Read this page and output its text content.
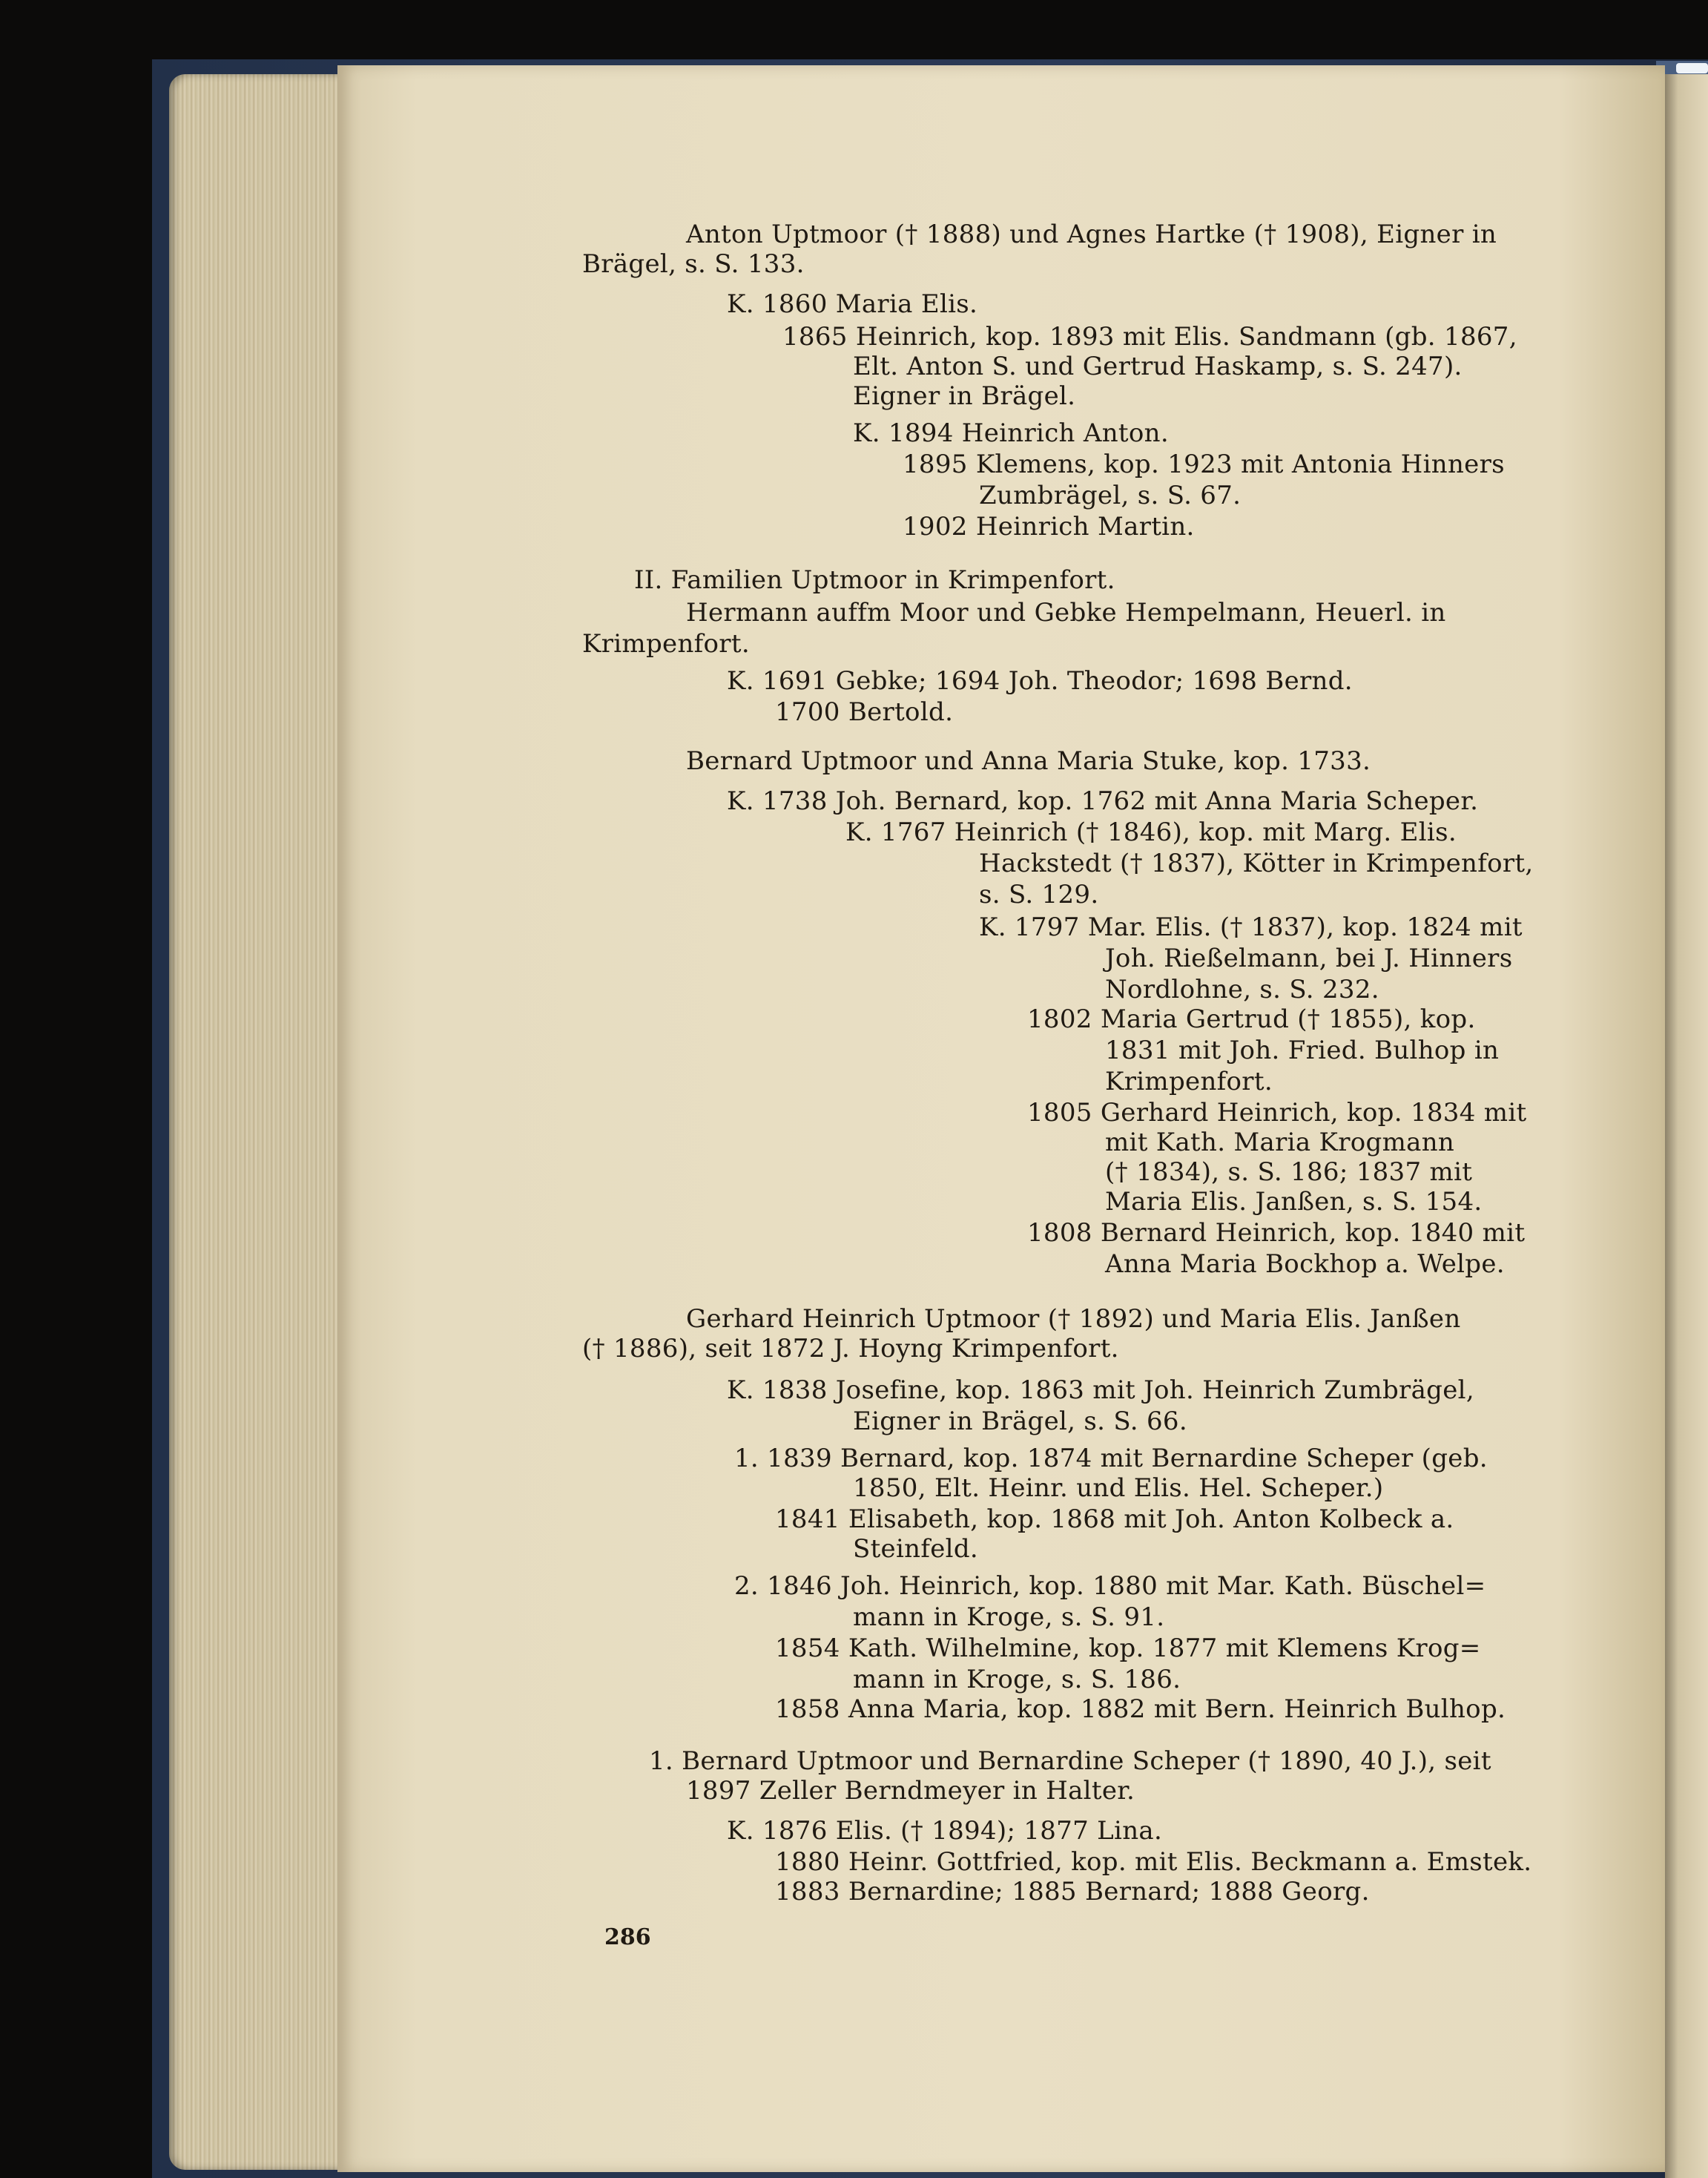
Anton Uptmoor († 1888) und Agnes Hartke († 1908), Eigner in

Brägel, s. S. 133.

K. 1860 Maria Elis.

1865 Heinrich, kop. 1893 mit Elis. Sandmann (gb. 1867,

Elt. Anton S. und Gertrud Haskamp, s. S. 247).

Eigner in Brägel.

K. 1894 Heinrich Anton.

1895 Klemens, kop. 1923 mit Antonia Hinners

Zumbrägel, s. S. 67.

1902 Heinrich Martin.

II. Familien Uptmoor in Krimpenfort.

Hermann auffm Moor und Gebke Hempelmann, Heuerl. in

Krimpenfort.

K. 1691 Gebke; 1694 Joh. Theodor; 1698 Bernd.

1700 Bertold.

Bernard Uptmoor und Anna Maria Stuke, kop. 1733.

K. 1738 Joh. Bernard, kop. 1762 mit Anna Maria Scheper.

K. 1767 Heinrich († 1846), kop. mit Marg. Elis.

Hackstedt († 1837), Kötter in Krimpenfort,

s. S. 129.

K. 1797 Mar. Elis. († 1837), kop. 1824 mit

Joh. Rießelmann, bei J. Hinners

Nordlohne, s. S. 232.

1802 Maria Gertrud († 1855), kop.

1831 mit Joh. Fried. Bulhop in

Krimpenfort.

1805 Gerhard Heinrich, kop. 1834 mit

mit Kath. Maria Krogmann

(† 1834), s. S. 186; 1837 mit

Maria Elis. Janßen, s. S. 154.

1808 Bernard Heinrich, kop. 1840 mit

Anna Maria Bockhop a. Welpe.

Gerhard Heinrich Uptmoor († 1892) und Maria Elis. Janßen

(† 1886), seit 1872 J. Hoyng Krimpenfort.

K. 1838 Josefine, kop. 1863 mit Joh. Heinrich Zumbrägel,

Eigner in Brägel, s. S. 66.

1. 1839 Bernard, kop. 1874 mit Bernardine Scheper (geb.

1850, Elt. Heinr. und Elis. Hel. Scheper.)

1841 Elisabeth, kop. 1868 mit Joh. Anton Kolbeck a.

Steinfeld.

2. 1846 Joh. Heinrich, kop. 1880 mit Mar. Kath. Büschel=

mann in Kroge, s. S. 91.

1854 Kath. Wilhelmine, kop. 1877 mit Klemens Krog=

mann in Kroge, s. S. 186.

1858 Anna Maria, kop. 1882 mit Bern. Heinrich Bulhop.

1. Bernard Uptmoor und Bernardine Scheper († 1890, 40 J.), seit

1897 Zeller Berndmeyer in Halter.

K. 1876 Elis. († 1894); 1877 Lina.

1880 Heinr. Gottfried, kop. mit Elis. Beckmann a. Emstek.

1883 Bernardine; 1885 Bernard; 1888 Georg.

286
